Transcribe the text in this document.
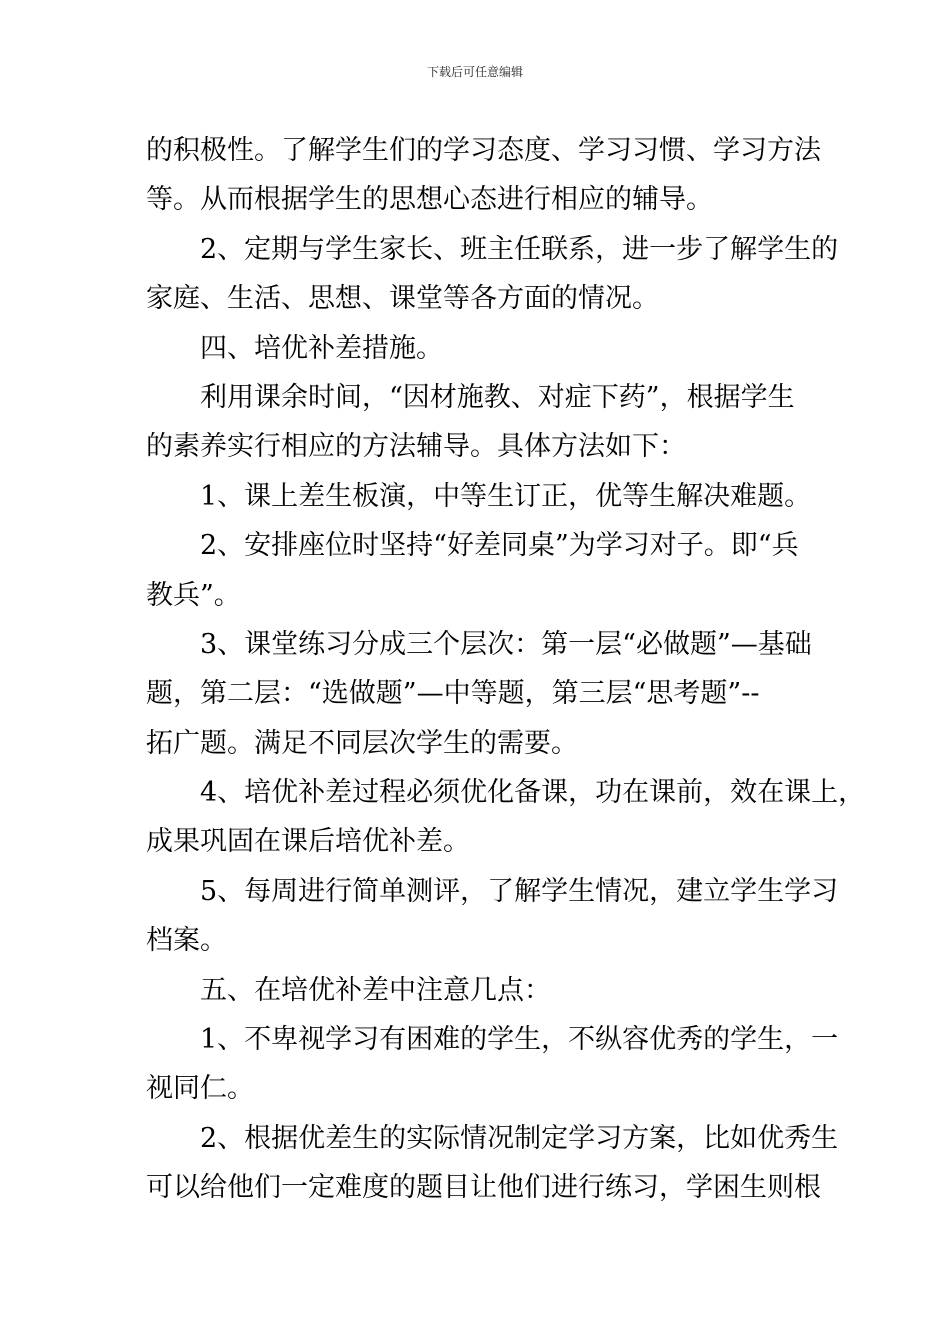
下载后可任意编辑
的积极性。了解学生们的学习态度、学习习惯、学习方法
等。从而根据学生的思想心态进行相应的辅导。
2、定期与学生家长、班主任联系，进一步了解学生的
家庭、生活、思想、课堂等各方面的情况。
四、培优补差措施。
利用课余时间，“因材施教、对症下药”，根据学生
的素养实行相应的方法辅导。具体方法如下：
1、课上差生板演，中等生订正，优等生解决难题。
2、安排座位时坚持“好差同桌”为学习对子。即“兵
教兵”。
3、课堂练习分成三个层次：第一层“必做题”—基础
题，第二层：“选做题”—中等题，第三层“思考题”--
拓广题。满足不同层次学生的需要。
4、培优补差过程必须优化备课，功在课前，效在课上，
成果巩固在课后培优补差。
5、每周进行简单测评，了解学生情况，建立学生学习
档案。
五、在培优补差中注意几点：
1、不卑视学习有困难的学生，不纵容优秀的学生，一
视同仁。
2、根据优差生的实际情况制定学习方案，比如优秀生
可以给他们一定难度的题目让他们进行练习，学困生则根
